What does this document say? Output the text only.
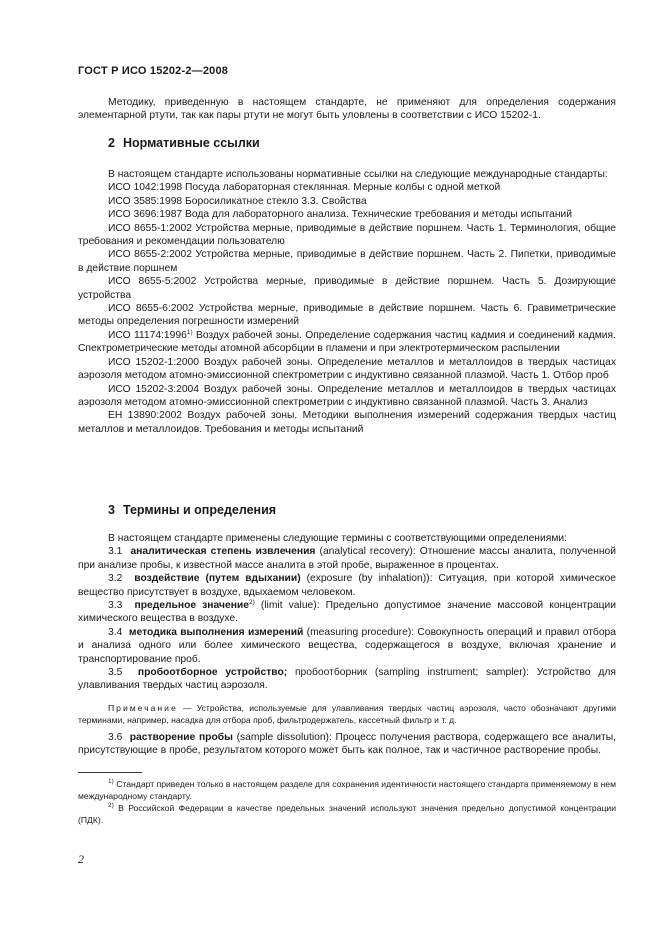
ГОСТ Р ИСО 15202-2—2008

Методику, приведенную в настоящем стандарте, не применяют для определения содержания элементарной ртути, так как пары ртути не могут быть уловлены в соответствии с ИСО 15202-1.

2 Нормативные ссылки

В настоящем стандарте использованы нормативные ссылки на следующие международные стандарты:

ИСО 1042:1998 Посуда лабораторная стеклянная. Мерные колбы с одной меткой

ИСО 3585:1998 Боросиликатное стекло 3.3. Свойства

ИСО 3696:1987 Вода для лабораторного анализа. Технические требования и методы испытаний

ИСО 8655-1:2002 Устройства мерные, приводимые в действие поршнем. Часть 1. Терминология, общие требования и рекомендации пользователю

ИСО 8655-2:2002 Устройства мерные, приводимые в действие поршнем. Часть 2. Пипетки, приводимые в действие поршнем

ИСО 8655-5:2002 Устройства мерные, приводимые в действие поршнем. Часть 5. Дозирующие устройства

ИСО 8655-6:2002 Устройства мерные, приводимые в действие поршнем. Часть 6. Гравиметрические методы определения погрешности измерений

ИСО 11174:1996$^{1)}$ Воздух рабочей зоны. Определение содержания частиц кадмия и соединений кадмия. Спектрометрические методы атомной абсорбции в пламени и при электротермическом распылении

ИСО 15202-1:2000 Воздух рабочей зоны. Определение металлов и металлоидов в твердых частицах аэрозоля методом атомно-эмиссионной спектрометрии с индуктивно связанной плазмой. Часть 1. Отбор проб

ИСО 15202-3:2004 Воздух рабочей зоны. Определение металлов и металлоидов в твердых частицах аэрозоля методом атомно-эмиссионной спектрометрии с индуктивно связанной плазмой. Часть 3. Анализ

ЕН 13890:2002 Воздух рабочей зоны. Методики выполнения измерений содержания твердых частиц металлов и металлоидов. Требования и методы испытаний

3 Термины и определения

В настоящем стандарте применены следующие термины с соответствующими определениями:

3.1 аналитическая степень извлечения (analytical recovery): Отношение массы аналита, полученной при анализе пробы, к известной массе аналита в этой пробе, выраженное в процентах.

3.2 воздействие (путем вдыхании) (exposure (by inhalation)): Ситуация, при которой химическое вещество присутствует в воздухе, вдыхаемом человеком.

3.3 предельное значение$^{2)}$ (limit value): Предельно допустимое значение массовой концентрации химического вещества в воздухе.

3.4 методика выполнения измерений (measuring procedure): Совокупность операций и правил отбора и анализа одного или более химического вещества, содержащегося в воздухе, включая хранение и транспортирование проб.

3.5 пробоотборное устройство; пробоотборник (sampling instrument; sampler): Устройство для улавливания твердых частиц аэрозоля.

Примечание — Устройства, используемые для улавливания твердых частиц аэрозоля, часто обозначают другими терминами, например, насадка для отбора проб, фильтродержатель, кассетный фильтр и т. д.

3.6 растворение пробы (sample dissolution): Процесс получения раствора, содержащего все аналиты, присутствующие в пробе, результатом которого может быть как полное, так и частичное растворение пробы.

$^{1)}$ Стандарт приведен только в настоящем разделе для сохранения идентичности настоящего стандарта применяемому в нем международному стандарту.

$^{2)}$ В Российской Федерации в качестве предельных значений используют значения предельно допустимой концентрации (ПДК).

2
